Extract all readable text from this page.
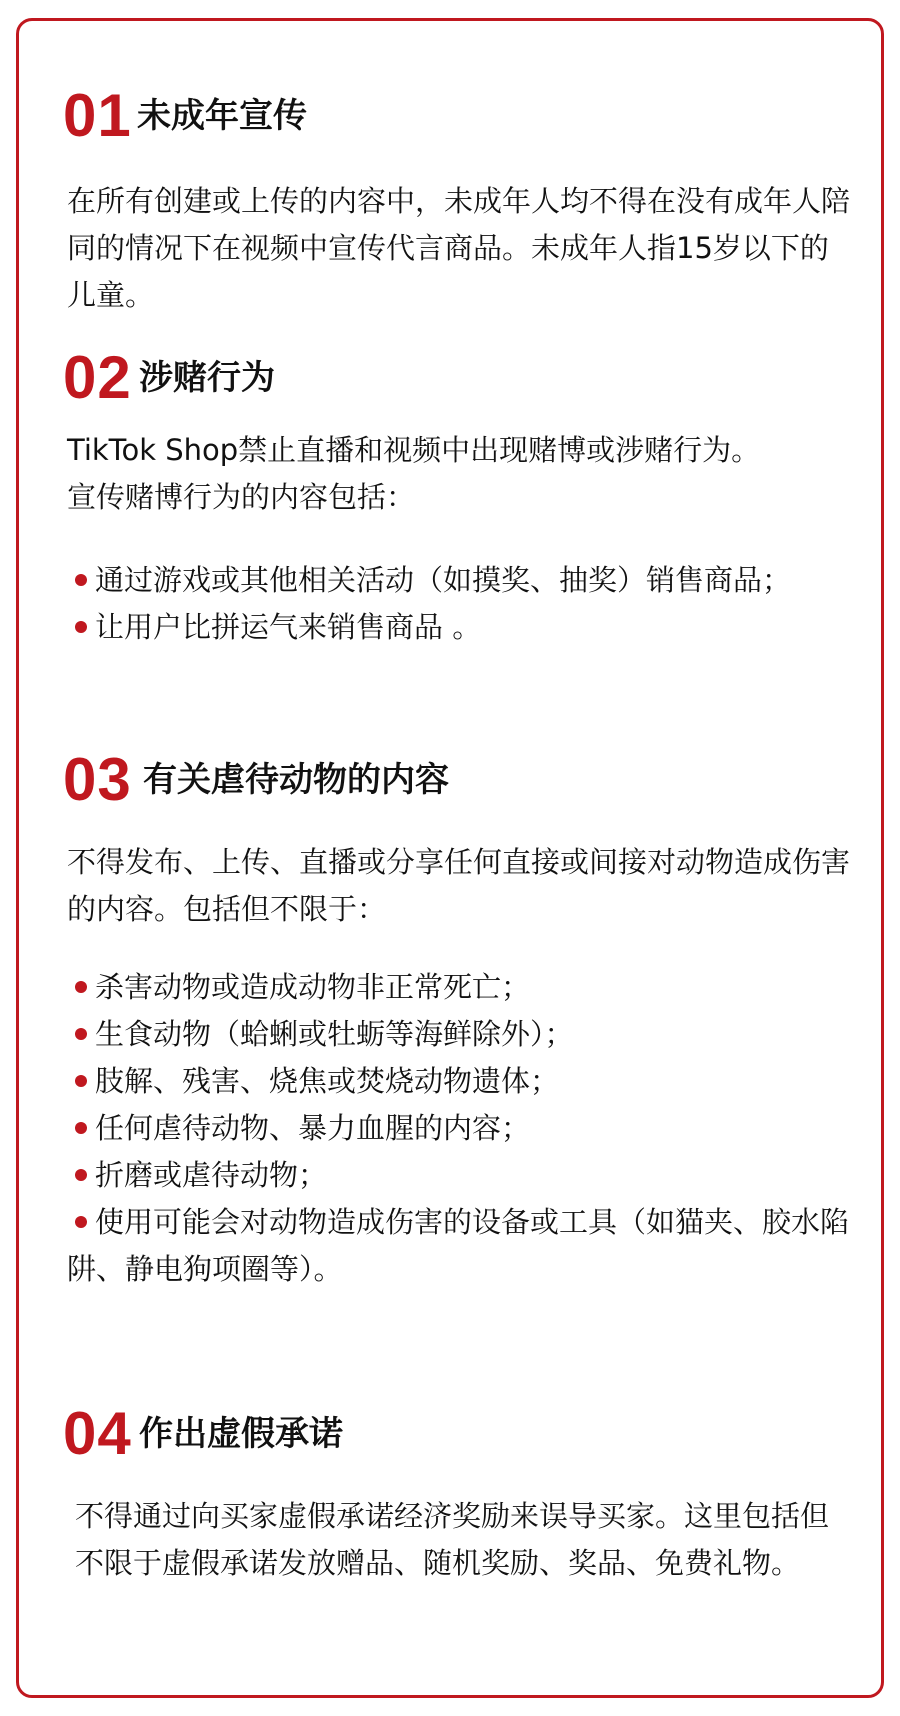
01 未成年宣传

在所有创建或上传的内容中，未成年人均不得在没有成年人陪同的情况下在视频中宣传代言商品。未成年人指15岁以下的儿童。

02 涉赌行为

TikTok Shop禁止直播和视频中出现赌博或涉赌行为。

宣传赌博行为的内容包括：

通过游戏或其他相关活动（如摸奖、抽奖）销售商品；
让用户比拼运气来销售商品 。
03 有关虐待动物的内容

不得发布、上传、直播或分享任何直接或间接对动物造成伤害的内容。包括但不限于：

杀害动物或造成动物非正常死亡；
生食动物（蛤蜊或牡蛎等海鲜除外）；
肢解、残害、烧焦或焚烧动物遗体；
任何虐待动物、暴力血腥的内容；
折磨或虐待动物；
使用可能会对动物造成伤害的设备或工具（如猫夹、胶水陷阱、静电狗项圈等）。
04 作出虚假承诺

不得通过向买家虚假承诺经济奖励来误导买家。这里包括但不限于虚假承诺发放赠品、随机奖励、奖品、免费礼物。
